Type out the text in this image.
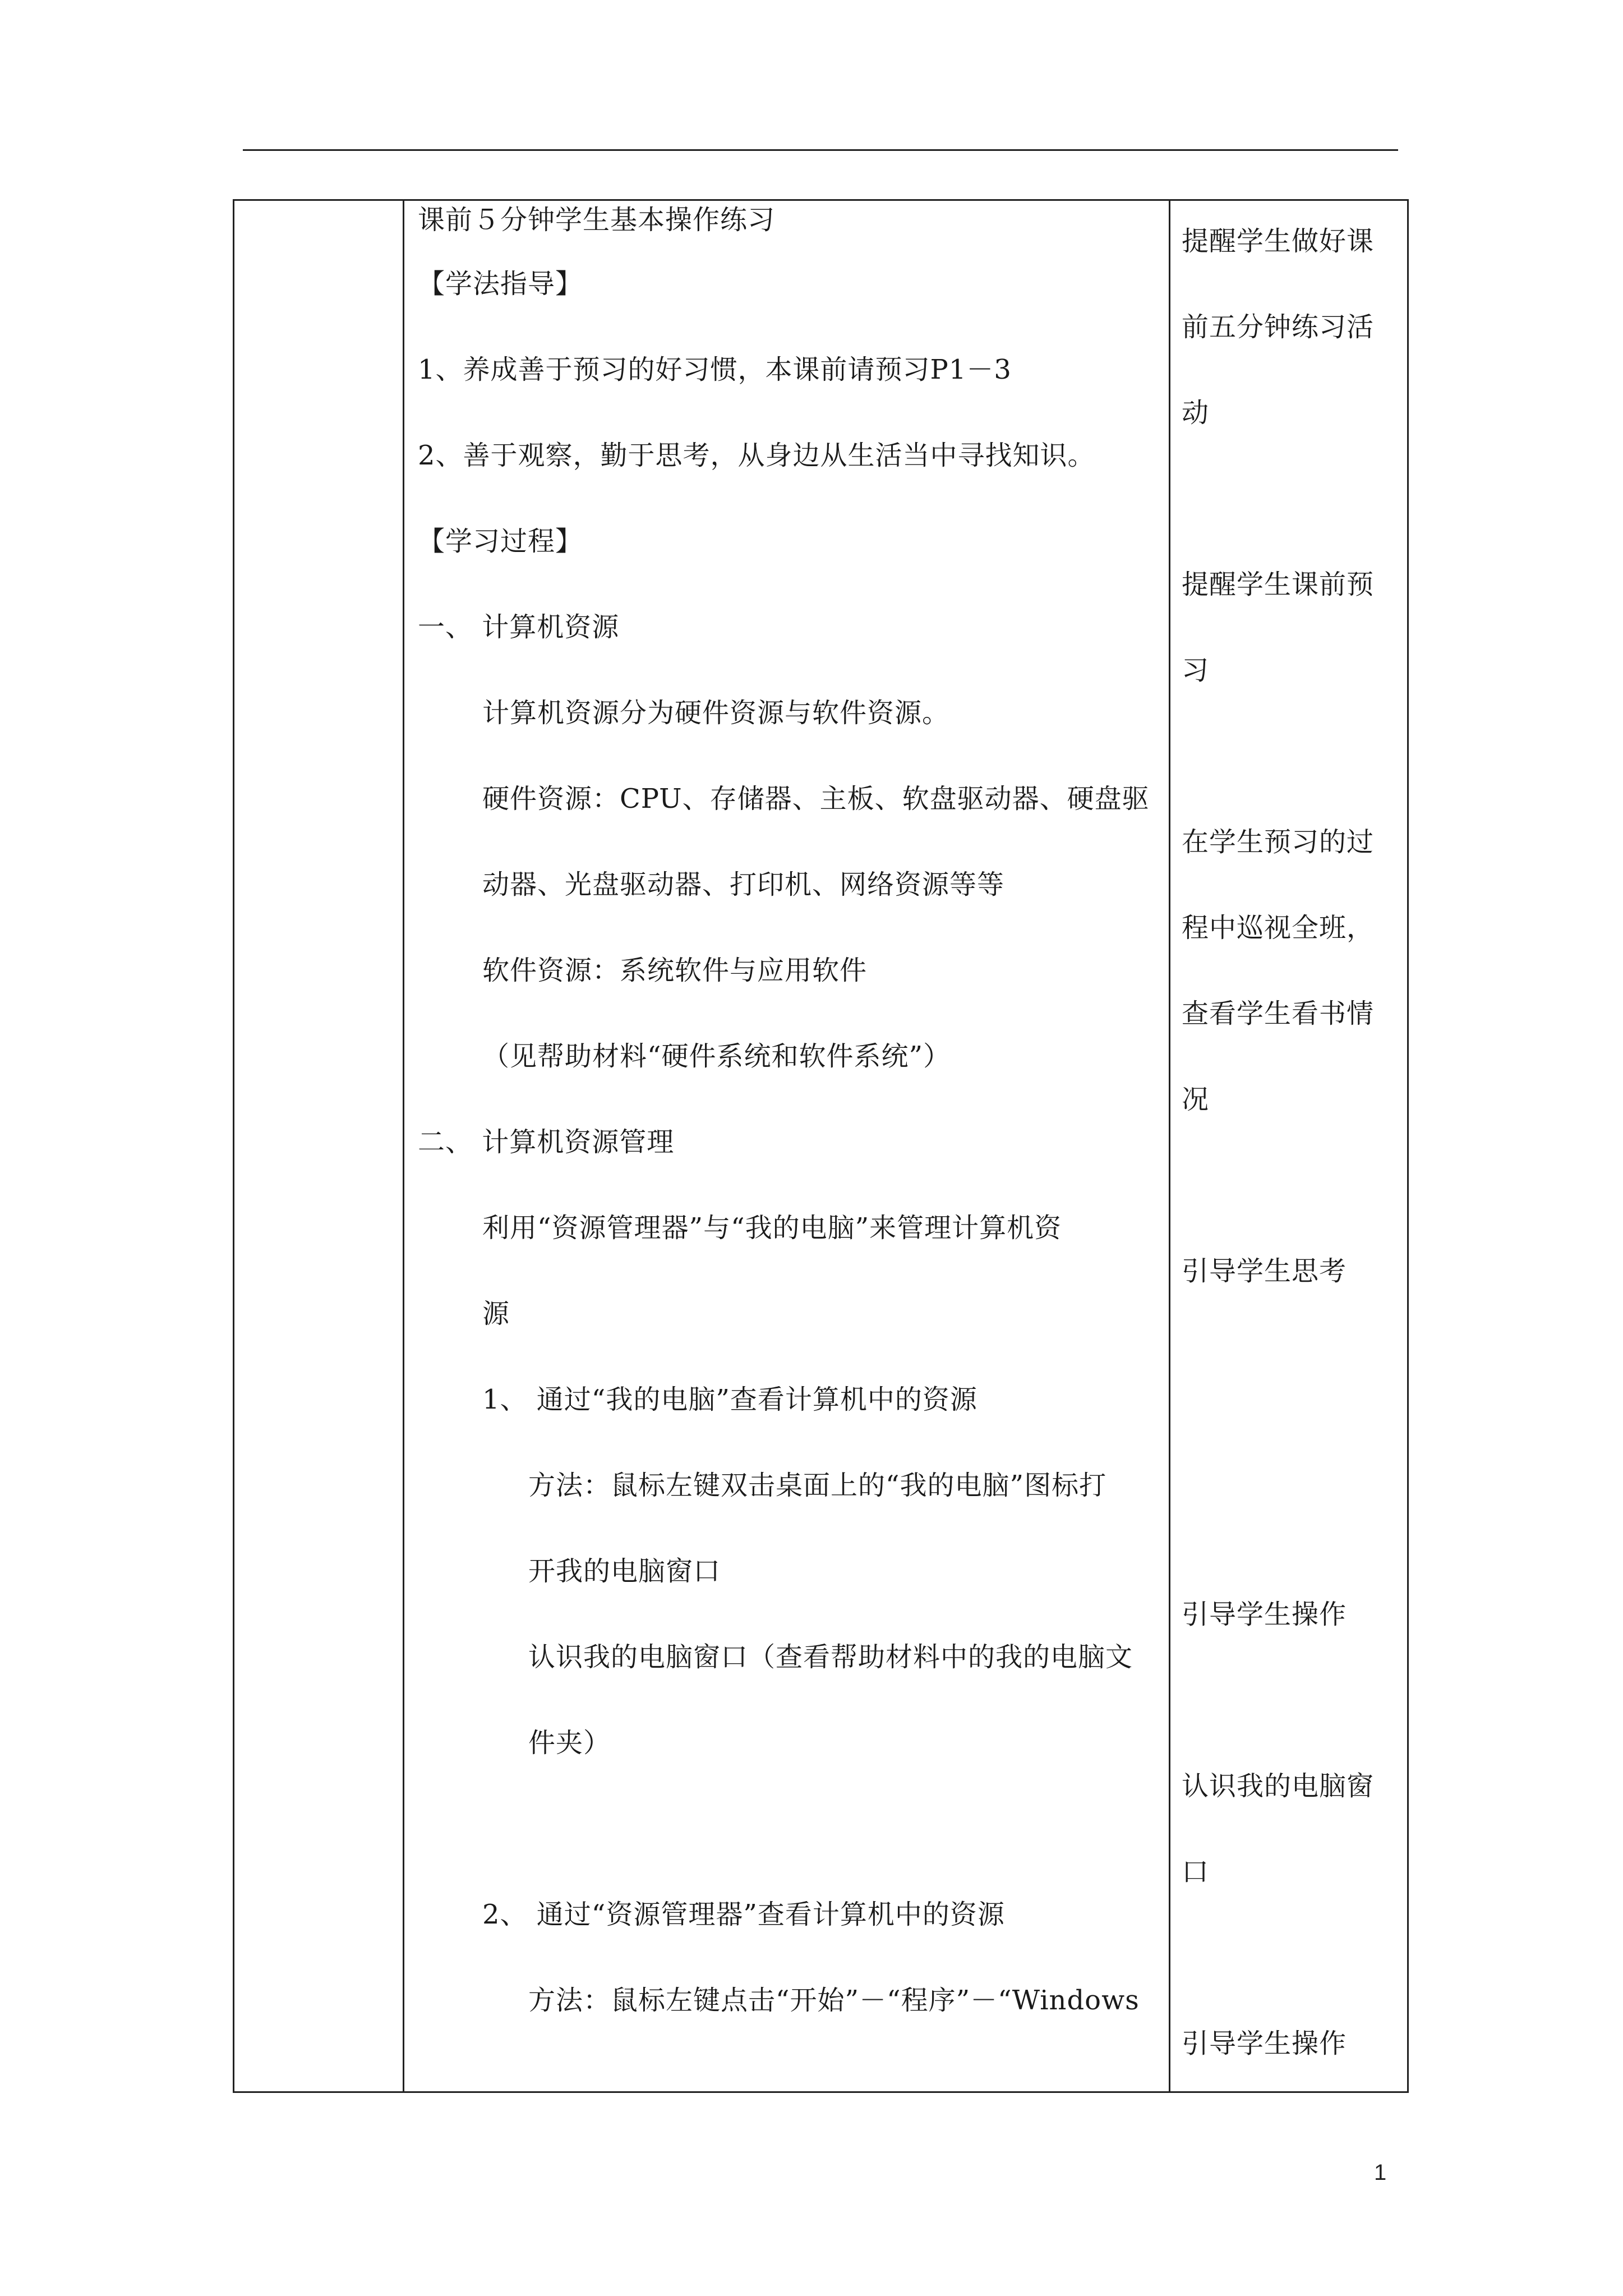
课前５分钟学生基本操作练习
【学法指导】
1、养成善于预习的好习惯，本课前请预习P1－3
2、善于观察，勤于思考，从身边从生活当中寻找知识。
【学习过程】
一、 计算机资源
计算机资源分为硬件资源与软件资源。
硬件资源：CPU、存储器、主板、软盘驱动器、硬盘驱
动器、光盘驱动器、打印机、网络资源等等
软件资源：系统软件与应用软件
（见帮助材料“硬件系统和软件系统”）
二、 计算机资源管理
利用“资源管理器”与“我的电脑”来管理计算机资
源
1、 通过“我的电脑”查看计算机中的资源
方法：鼠标左键双击桌面上的“我的电脑”图标打
开我的电脑窗口
认识我的电脑窗口（查看帮助材料中的我的电脑文
件夹）
2、 通过“资源管理器”查看计算机中的资源
方法：鼠标左键点击“开始”－“程序”－“Windows
提醒学生做好课
前五分钟练习活
动
提醒学生课前预
习
在学生预习的过
程中巡视全班，
查看学生看书情
况
引导学生思考
引导学生操作
认识我的电脑窗
口
引导学生操作
1
